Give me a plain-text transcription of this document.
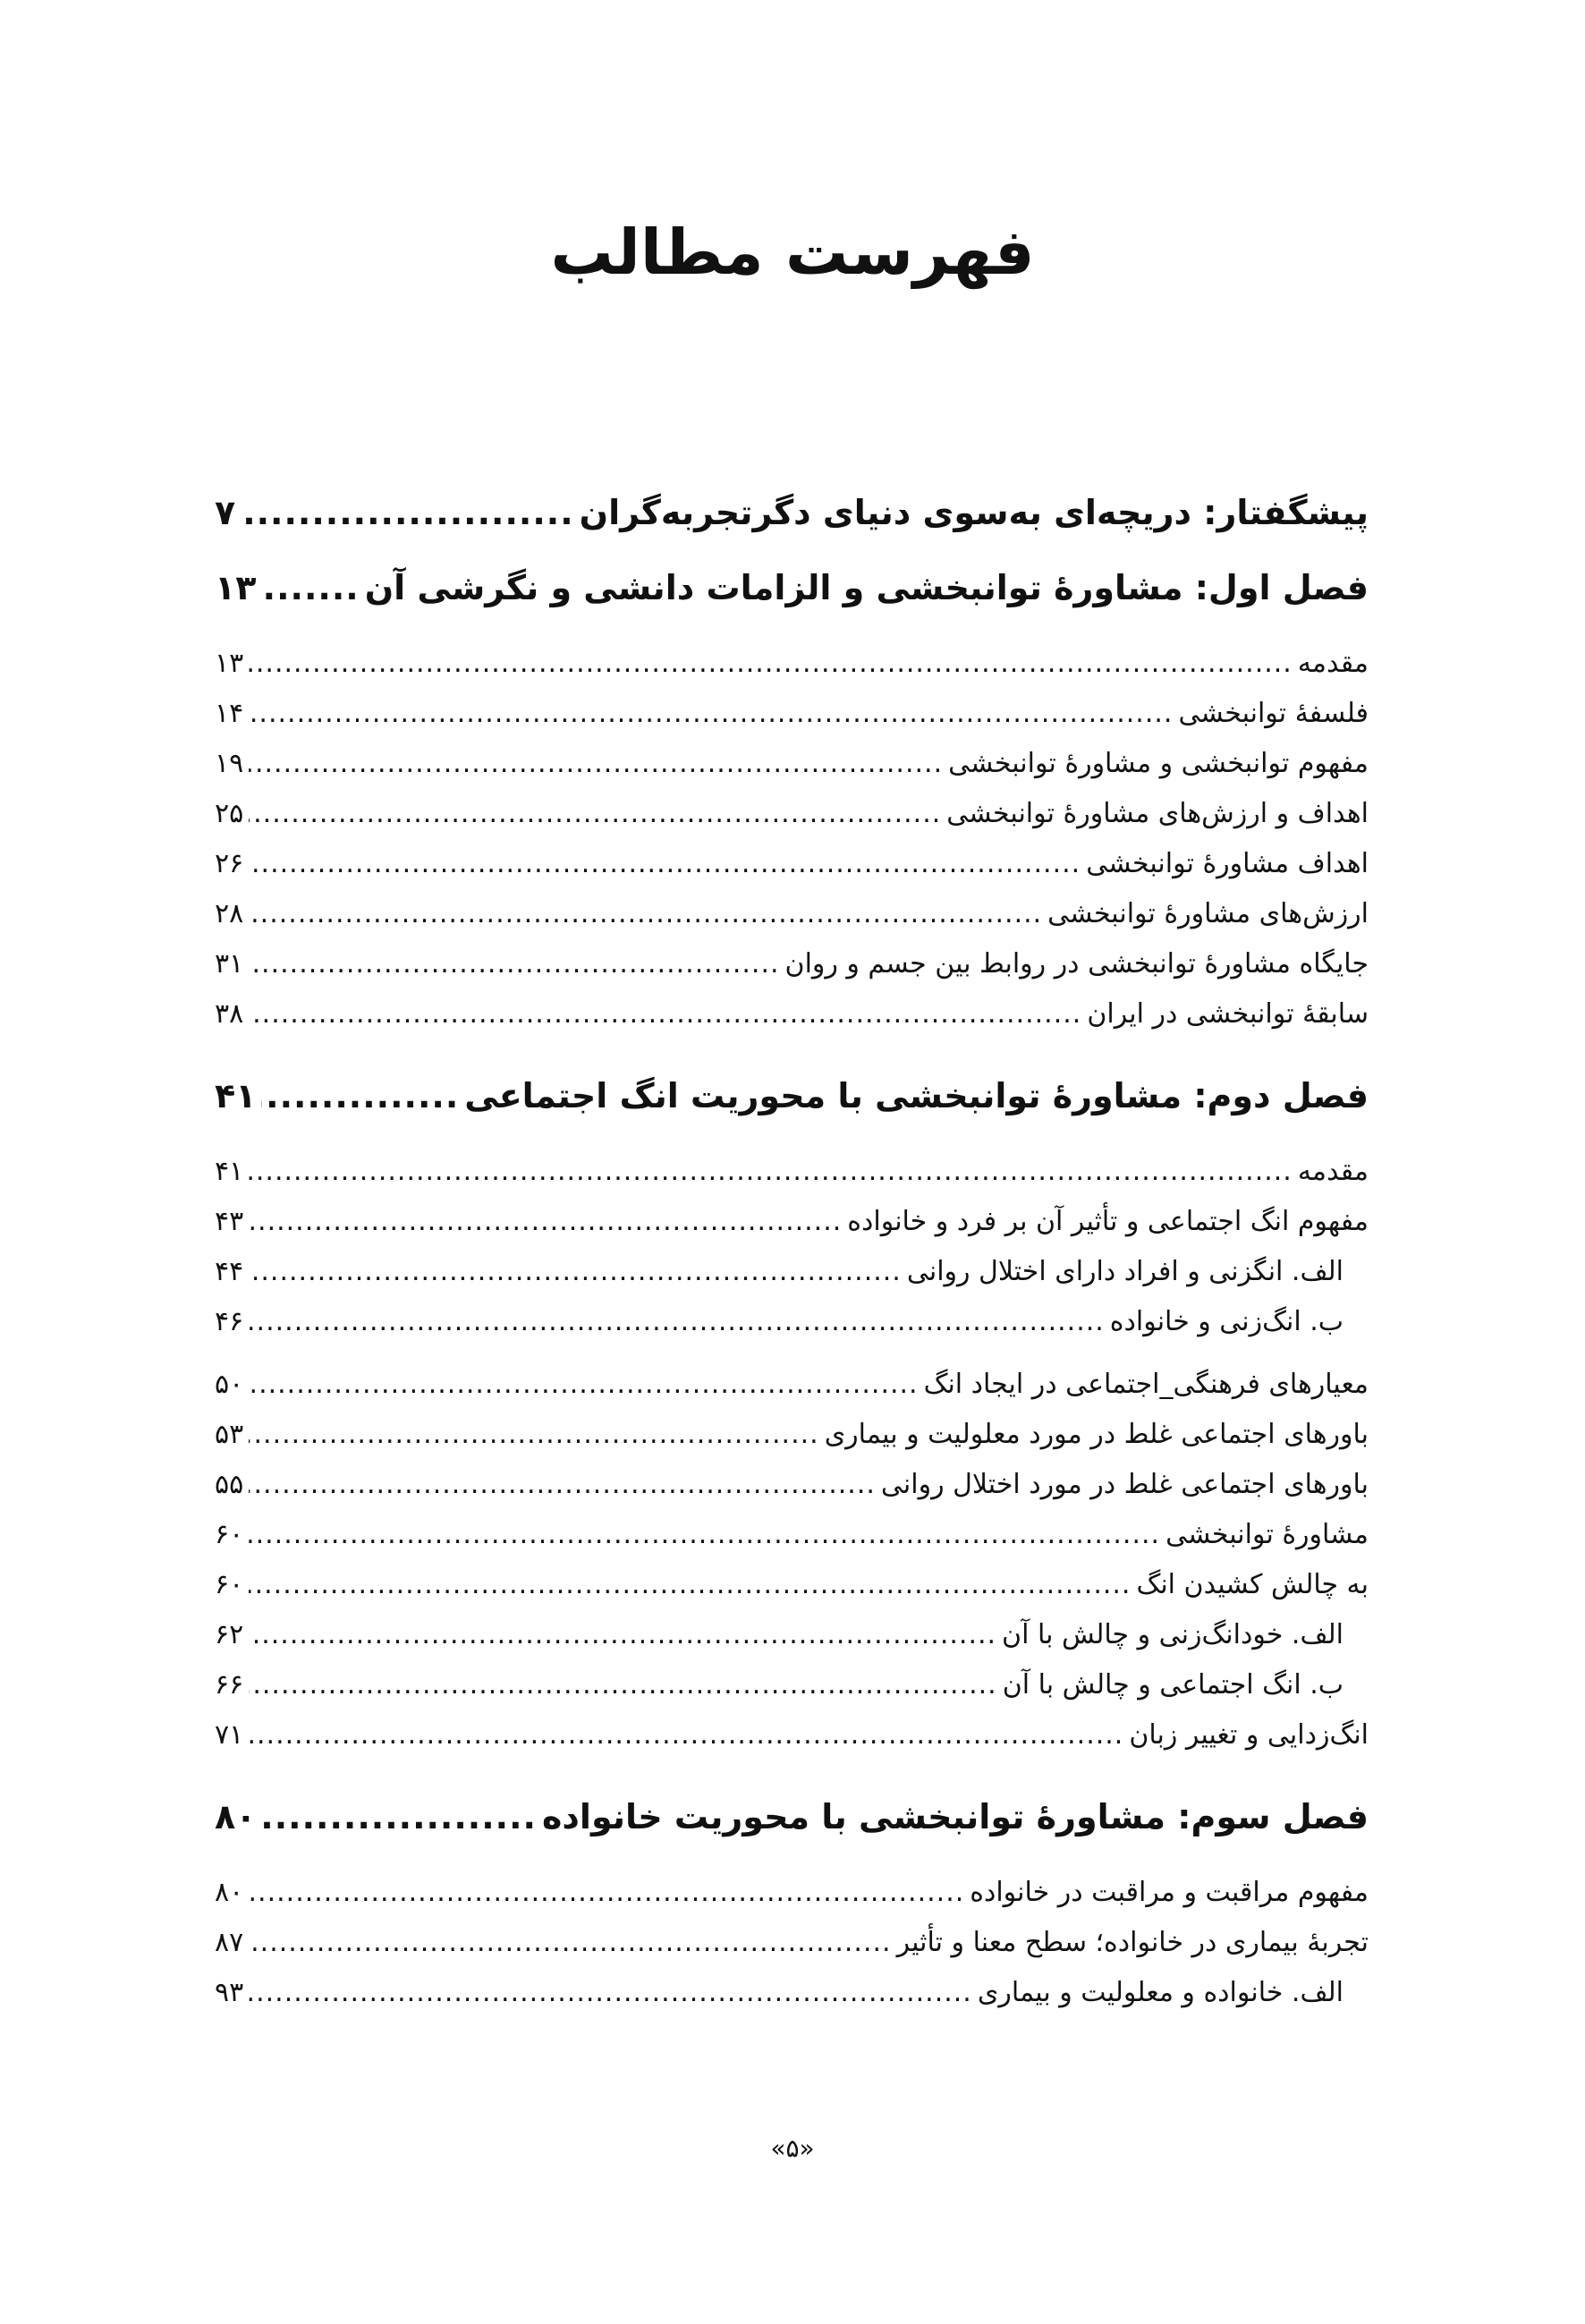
فهرست مطالب
پیشگفتار: دریچه‌ای به‌سوی دنیای دگرتجربه‌گران
.....
۷
فصل اول: مشاورۀ توانبخشی و الزامات دانشی و نگرشی آن
.....
۱۳
مقدمه
.....
۱۳
فلسفۀ توانبخشی
.....
۱۴
مفهوم توانبخشی و مشاورۀ توانبخشی
.....
۱۹
اهداف و ارزش‌های مشاورۀ توانبخشی
.....
۲۵
اهداف مشاورۀ توانبخشی
.....
۲۶
ارزش‌های مشاورۀ توانبخشی
.....
۲۸
جایگاه مشاورۀ توانبخشی در روابط بین جسم و روان
.....
۳۱
سابقۀ توانبخشی در ایران
.....
۳۸
فصل دوم: مشاورۀ توانبخشی با محوریت انگ اجتماعی
.....
۴۱
مقدمه
.....
۴۱
مفهوم انگ اجتماعی و تأثیر آن بر فرد و خانواده
.....
۴۳
الف. انگزنی و افراد دارای اختلال روانی
.....
۴۴
ب. انگ‌زنی و خانواده
.....
۴۶
معیارهای فرهنگی_اجتماعی در ایجاد انگ
.....
۵۰
باورهای اجتماعی غلط در مورد معلولیت و بیماری
.....
۵۳
باورهای اجتماعی غلط در مورد اختلال روانی
.....
۵۵
مشاورۀ توانبخشی
.....
۶۰
به چالش کشیدن انگ
.....
۶۰
الف. خودانگ‌زنی و چالش با آن
.....
۶۲
ب. انگ اجتماعی و چالش با آن
.....
۶۶
انگ‌زدایی و تغییر زبان
.....
۷۱
فصل سوم: مشاورۀ توانبخشی با محوریت خانواده
.....
۸۰
مفهوم مراقبت و مراقبت در خانواده
.....
۸۰
تجربۀ بیماری در خانواده؛ سطح معنا و تأثیر
.....
۸۷
الف. خانواده و معلولیت و بیماری
.....
۹۳
«۵»
